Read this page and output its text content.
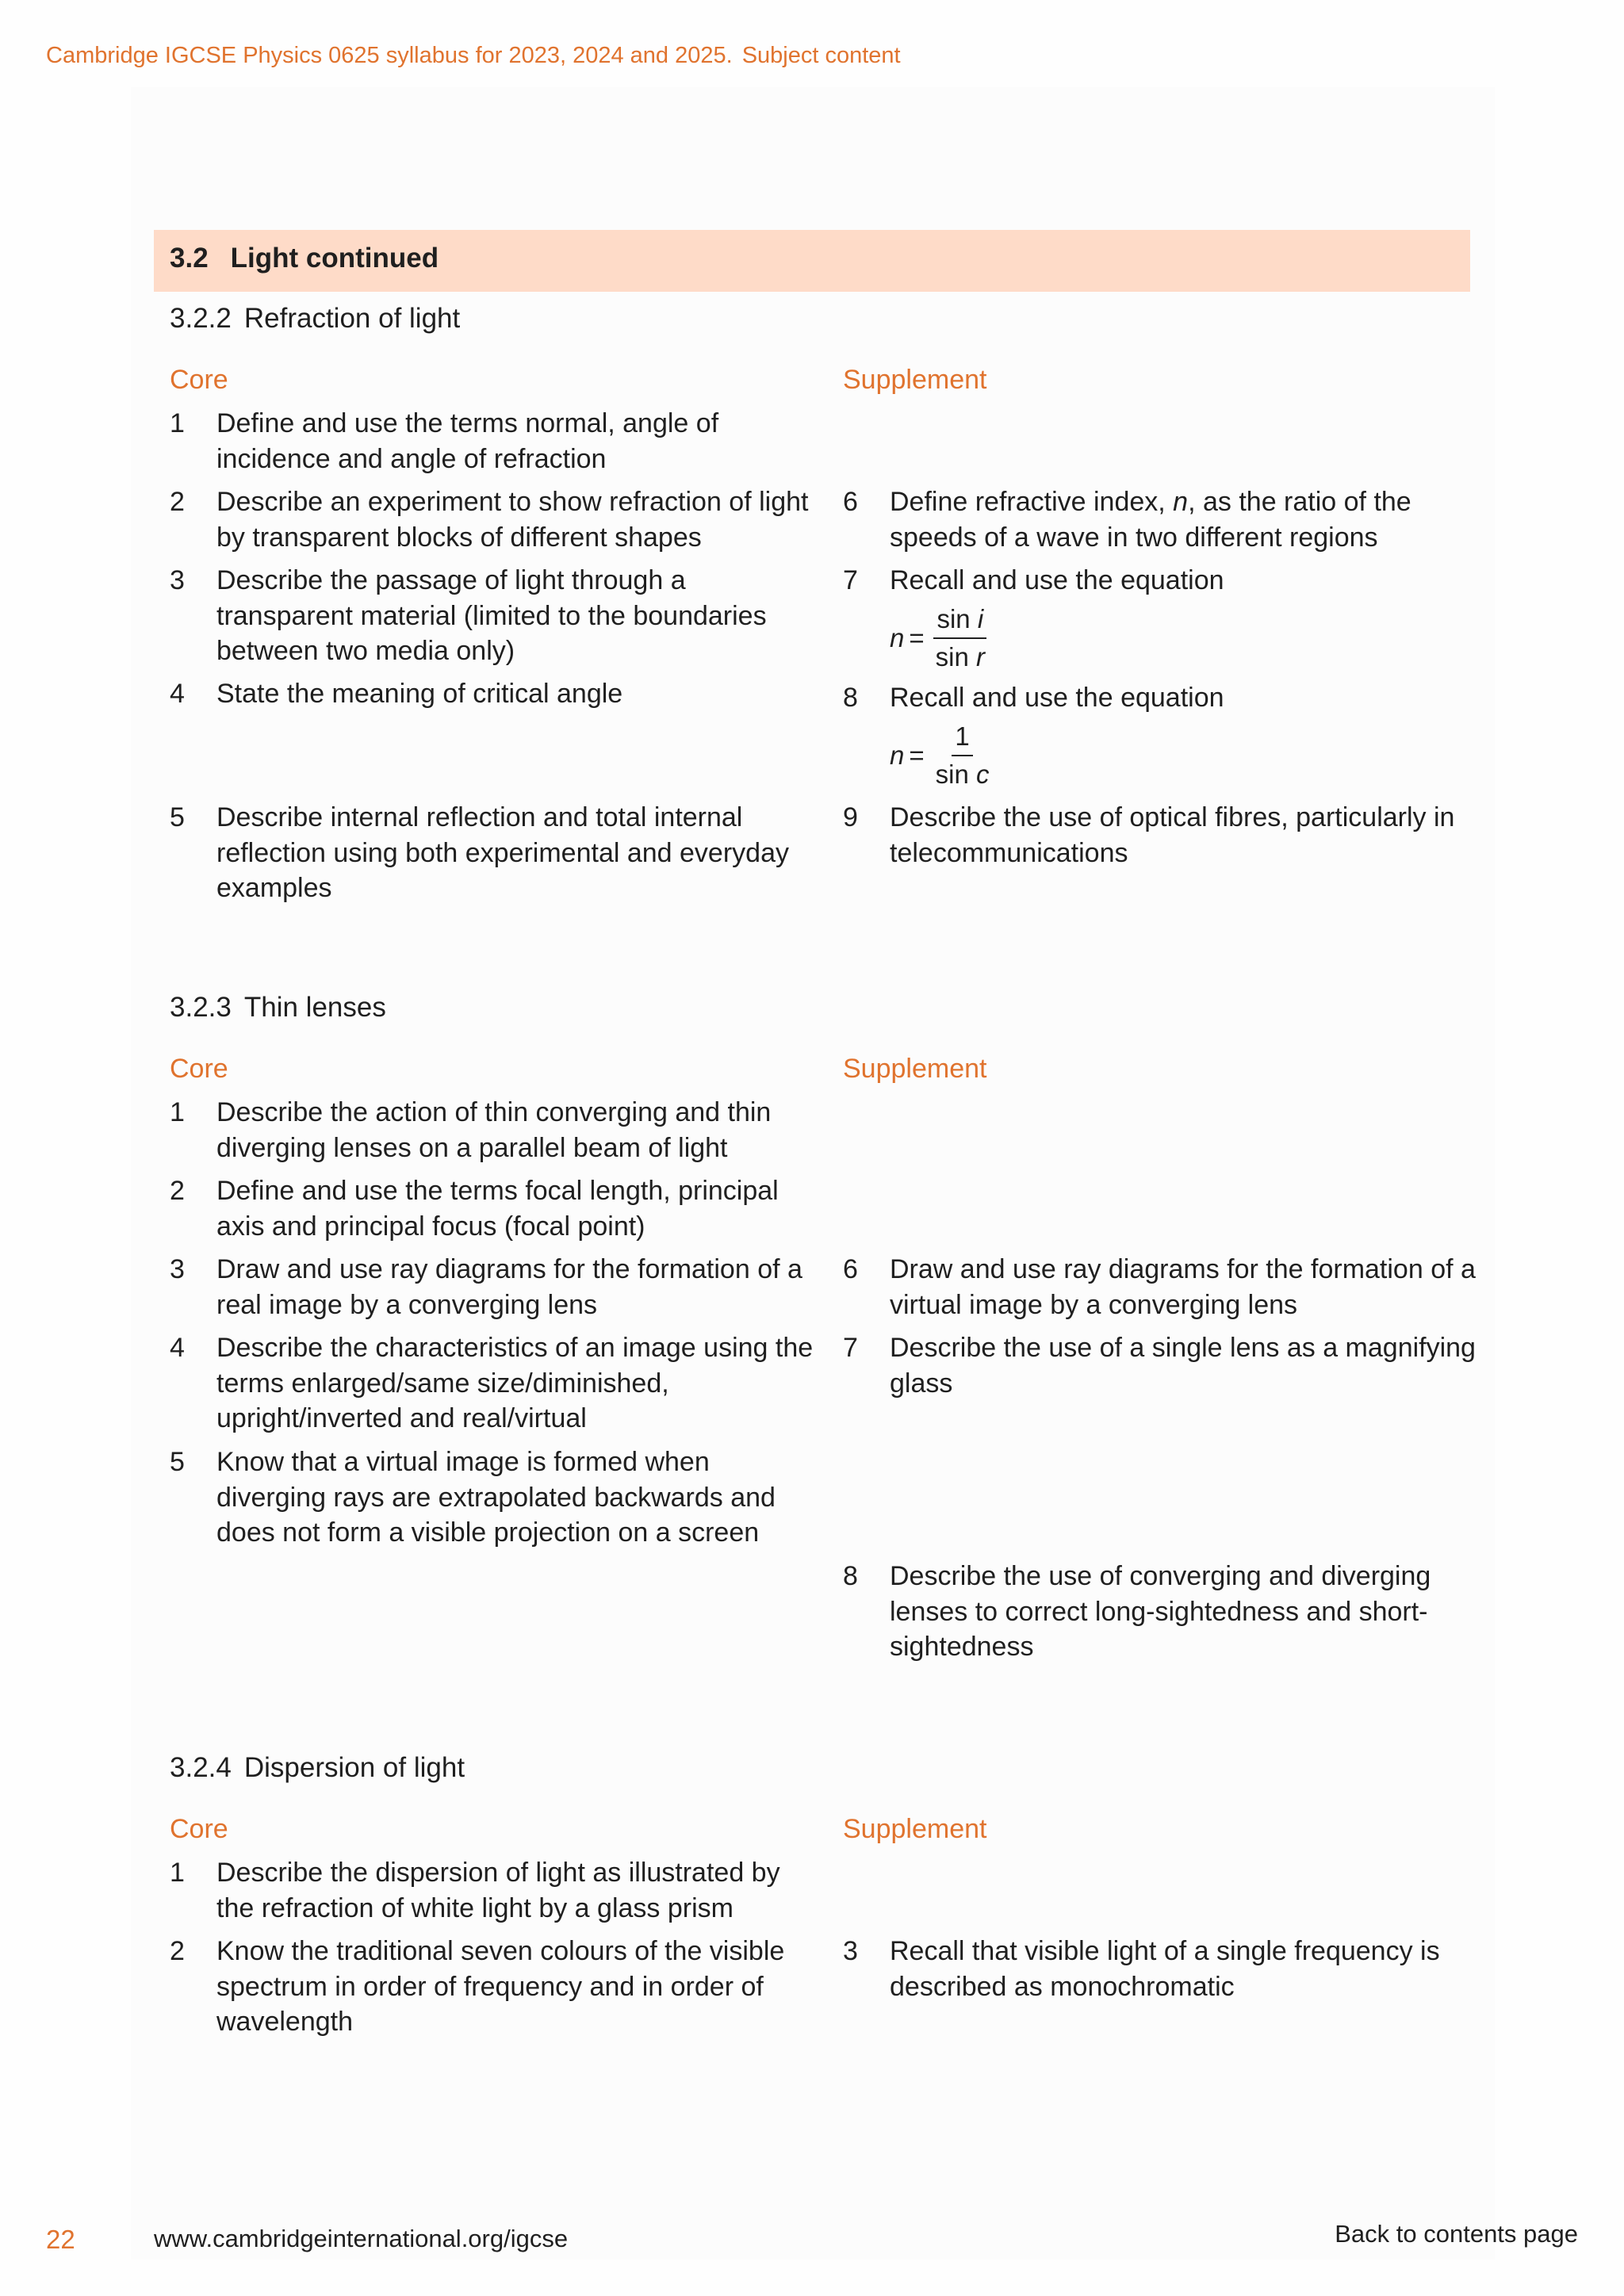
Cambridge IGCSE Physics 0625 syllabus for 2023, 2024 and 2025. Subject content
3.2 Light continued
3.2.2 Refraction of light
Core	Supplement
1 Define and use the terms normal, angle of incidence and angle of refraction
2 Describe an experiment to show refraction of light by transparent blocks of different shapes
3 Describe the passage of light through a transparent material (limited to the boundaries between two media only)
4 State the meaning of critical angle
5 Describe internal reflection and total internal reflection using both experimental and everyday examples
6 Define refractive index, n, as the ratio of the speeds of a wave in two different regions
7 Recall and use the equation
$n = \frac{\text{sin i}}{\text{sin r}}$
8 Recall and use the equation
$n = \frac{1}{\text{sin c}}$
9 Describe the use of optical fibres, particularly in telecommunications
3.2.3 Thin lenses
Core	Supplement
1 Describe the action of thin converging and thin diverging lenses on a parallel beam of light
2 Define and use the terms focal length, principal axis and principal focus (focal point)
3 Draw and use ray diagrams for the formation of a real image by a converging lens
4 Describe the characteristics of an image using the terms enlarged/same size/diminished, upright/inverted and real/virtual
5 Know that a virtual image is formed when diverging rays are extrapolated backwards and does not form a visible projection on a screen
6 Draw and use ray diagrams for the formation of a virtual image by a converging lens
7 Describe the use of a single lens as a magnifying glass
8 Describe the use of converging and diverging lenses to correct long-sightedness and short-sightedness
3.2.4 Dispersion of light
Core	Supplement
1 Describe the dispersion of light as illustrated by the refraction of white light by a glass prism
2 Know the traditional seven colours of the visible spectrum in order of frequency and in order of wavelength
3 Recall that visible light of a single frequency is described as monochromatic
22	www.cambridgeinternational.org/igcse	Back to contents page
